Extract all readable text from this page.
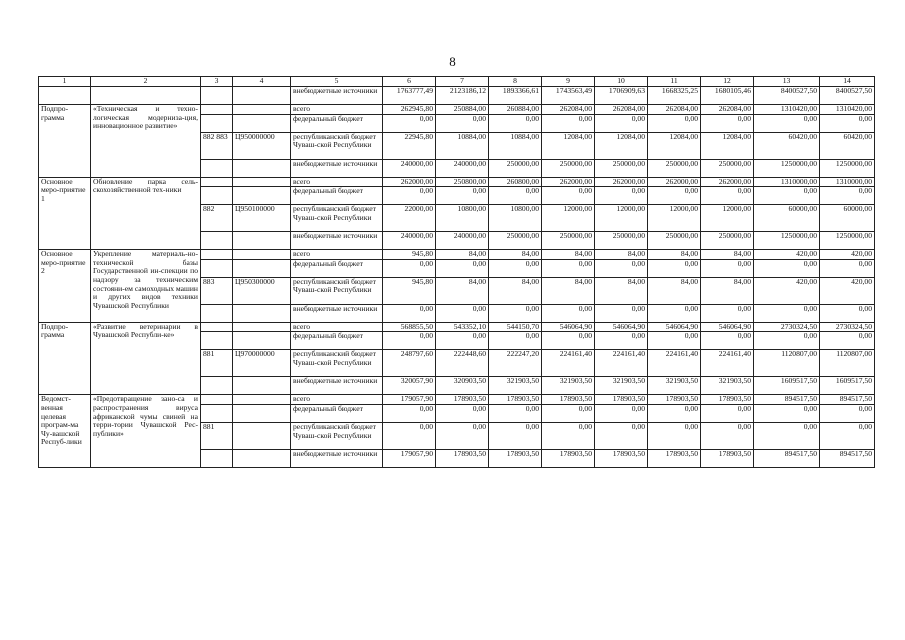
8
1	2	3	4	5	6	7	8	9	10	11	12	13	14
				внебюджетные источники	1763777,49	2123186,12	1893366,61	1743563,49	1706909,63	1668325,25	1680105,46	8400527,50	8400527,50
Подпро-грамма	«Техническая и техно-логическая модерниза-ция, инновационное развитие»			всего	262945,80	250884,00	260884,00	262084,00	262084,00	262084,00	262084,00	1310420,00	1310420,00
				федеральный бюджет	0,00	0,00	0,00	0,00	0,00	0,00	0,00	0,00	0,00
		882 883	Ц950000000	республиканский бюджет Чуваш-ской Республики	22945,80	10884,00	10884,00	12084,00	12084,00	12084,00	12084,00	60420,00	60420,00
				внебюджетные источники	240000,00	240000,00	250000,00	250000,00	250000,00	250000,00	250000,00	1250000,00	1250000,00
Основное меро-приятие 1	Обновление парка сель-скохозяйственной тех-ники			всего	262000,00	250800,00	260800,00	262000,00	262000,00	262000,00	262000,00	1310000,00	1310000,00
				федеральный бюджет	0,00	0,00	0,00	0,00	0,00	0,00	0,00	0,00	0,00
		882	Ц950100000	республиканский бюджет Чуваш-ской Республики	22000,00	10800,00	10800,00	12000,00	12000,00	12000,00	12000,00	60000,00	60000,00
				внебюджетные источники	240000,00	240000,00	250000,00	250000,00	250000,00	250000,00	250000,00	1250000,00	1250000,00
Основное меро-приятие 2	Укрепление материаль-но-технической базы Государственной ин-спекции по надзору за техническим состояни-ем самоходных машин и других видов техники Чувашской Республики			всего	945,80	84,00	84,00	84,00	84,00	84,00	84,00	420,00	420,00
				федеральный бюджет	0,00	0,00	0,00	0,00	0,00	0,00	0,00	0,00	0,00
		883	Ц950300000	республиканский бюджет Чуваш-ской Республики	945,80	84,00	84,00	84,00	84,00	84,00	84,00	420,00	420,00
				внебюджетные источники	0,00	0,00	0,00	0,00	0,00	0,00	0,00	0,00	0,00
Подпро-грамма	«Развитие ветеринарии в Чувашской Республи-ке»			всего	568855,50	543352,10	544150,70	546064,90	546064,90	546064,90	546064,90	2730324,50	2730324,50
				федеральный бюджет	0,00	0,00	0,00	0,00	0,00	0,00	0,00	0,00	0,00
		881	Ц970000000	республиканский бюджет Чуваш-ской Республики	248797,60	222448,60	222247,20	224161,40	224161,40	224161,40	224161,40	1120807,00	1120807,00
				внебюджетные источники	320057,90	320903,50	321903,50	321903,50	321903,50	321903,50	321903,50	1609517,50	1609517,50
Ведомст-венная целевая програм-ма Чу-вашской Респуб-лики	«Предотвращение зано-са и распространения вируса африканской чумы свиней на терри-тории Чувашской Рес-публики»			всего	179057,90	178903,50	178903,50	178903,50	178903,50	178903,50	178903,50	894517,50	894517,50
				федеральный бюджет	0,00	0,00	0,00	0,00	0,00	0,00	0,00	0,00	0,00
		881		республиканский бюджет Чуваш-ской Республики	0,00	0,00	0,00	0,00	0,00	0,00	0,00	0,00	0,00
				внебюджетные источники	179057,90	178903,50	178903,50	178903,50	178903,50	178903,50	178903,50	894517,50	894517,50
